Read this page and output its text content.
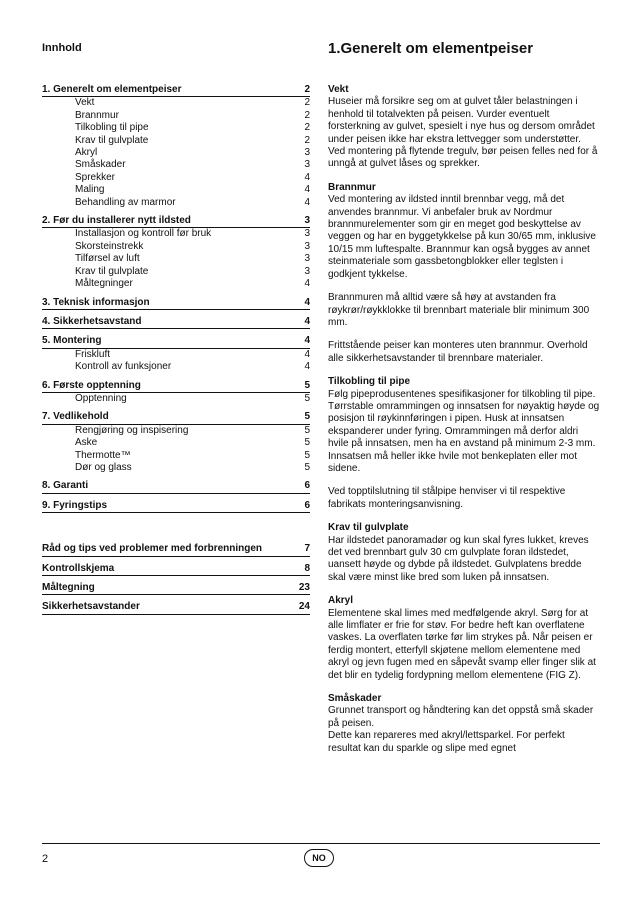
Innhold
1. Generelt om elementpeiser	2
Vekt	2
Brannmur	2
Tilkobling til pipe	2
Krav til gulvplate	2
Akryl	3
Småskader	3
Sprekker	4
Maling	4
Behandling av marmor	4
2. Før du installerer nytt ildsted	3
Installasjon og kontroll før bruk	3
Skorsteinstrekk	3
Tilførsel av luft	3
Krav til gulvplate	3
Måltegninger	4
3. Teknisk informasjon	4
4. Sikkerhetsavstand	4
5. Montering	4
Friskluft	4
Kontroll av funksjoner	4
6. Første opptenning	5
Opptenning	5
7. Vedlikehold	5
Rengjøring og inspisering	5
Aske	5
Thermotte™	5
Dør og glass	5
8. Garanti	6
9. Fyringstips	6
Råd og tips ved problemer med forbrenningen	7
Kontrollskjema	8
Måltegning	23
Sikkerhetsavstander	24
1.Generelt om elementpeiser
Vekt

Huseier må forsikre seg om at gulvet tåler belastningen i henhold til totalvekten på peisen. Vurder eventuelt forsterkning av gulvet, spesielt i nye hus og dersom området under peisen ikke har ekstra lettvegger som understøtter. Ved montering på flytende tregulv, bør peisen felles ned for å unngå at gulvet låses og sprekker.

Brannmur

Ved montering av ildsted inntil brennbar vegg, må det anvendes brannmur. Vi anbefaler bruk av Nordmur brannmurelementer som gir en meget god beskyttelse av veggen og har en byggetykkelse på kun 30/65 mm, inklusive 10/15 mm luftespalte. Brannmur kan også bygges av annet steinmateriale som gassbetongblokker eller teglsten i godkjent tykkelse.

Brannmuren må alltid være så høy at avstanden fra røykrør/røykklokke til brennbart materiale blir minimum 300 mm.

Frittstående peiser kan monteres uten brannmur. Overhold alle sikkerhetsavstander til brennbare materialer.

Tilkobling til pipe

Følg pipeprodusentenes spesifikasjoner for tilkobling til pipe. Tørrstable omrammingen og innsatsen for nøyaktig høyde og posisjon til røykinnføringen i pipen. Husk at innsatsen ekspanderer under fyring. Omrammingen må derfor aldri hvile på innsatsen, men ha en avstand på minimum 2-3 mm. Innsatsen må heller ikke hvile mot benkeplaten eller mot sidene.

Ved topptilslutning til stålpipe henviser vi til respektive fabrikats monteringsanvisning.

Krav til gulvplate

Har ildstedet panoramadør og kun skal fyres lukket, kreves det ved brennbart gulv 30 cm gulvplate foran ildstedet, uansett høyde og dybde på ildstedet. Gulvplatens bredde skal være minst like bred som luken på innsatsen.

Akryl

Elementene skal limes med medfølgende akryl. Sørg for at alle limflater er frie for støv. For bedre heft kan overflatene vaskes. La overflaten tørke før lim strykes på. Når peisen er ferdig montert, etterfyll skjøtene mellom elementene med akryl og jevn fugen med en såpevåt svamp eller finger slik at det blir en tydelig fordypning mellom elementene (FIG Z).

Småskader

Grunnet transport og håndtering kan det oppstå små skader på peisen.

Dette kan repareres med akryl/lettsparkel. For perfekt resultat kan du sparkle og slipe med egnet

2	NO
